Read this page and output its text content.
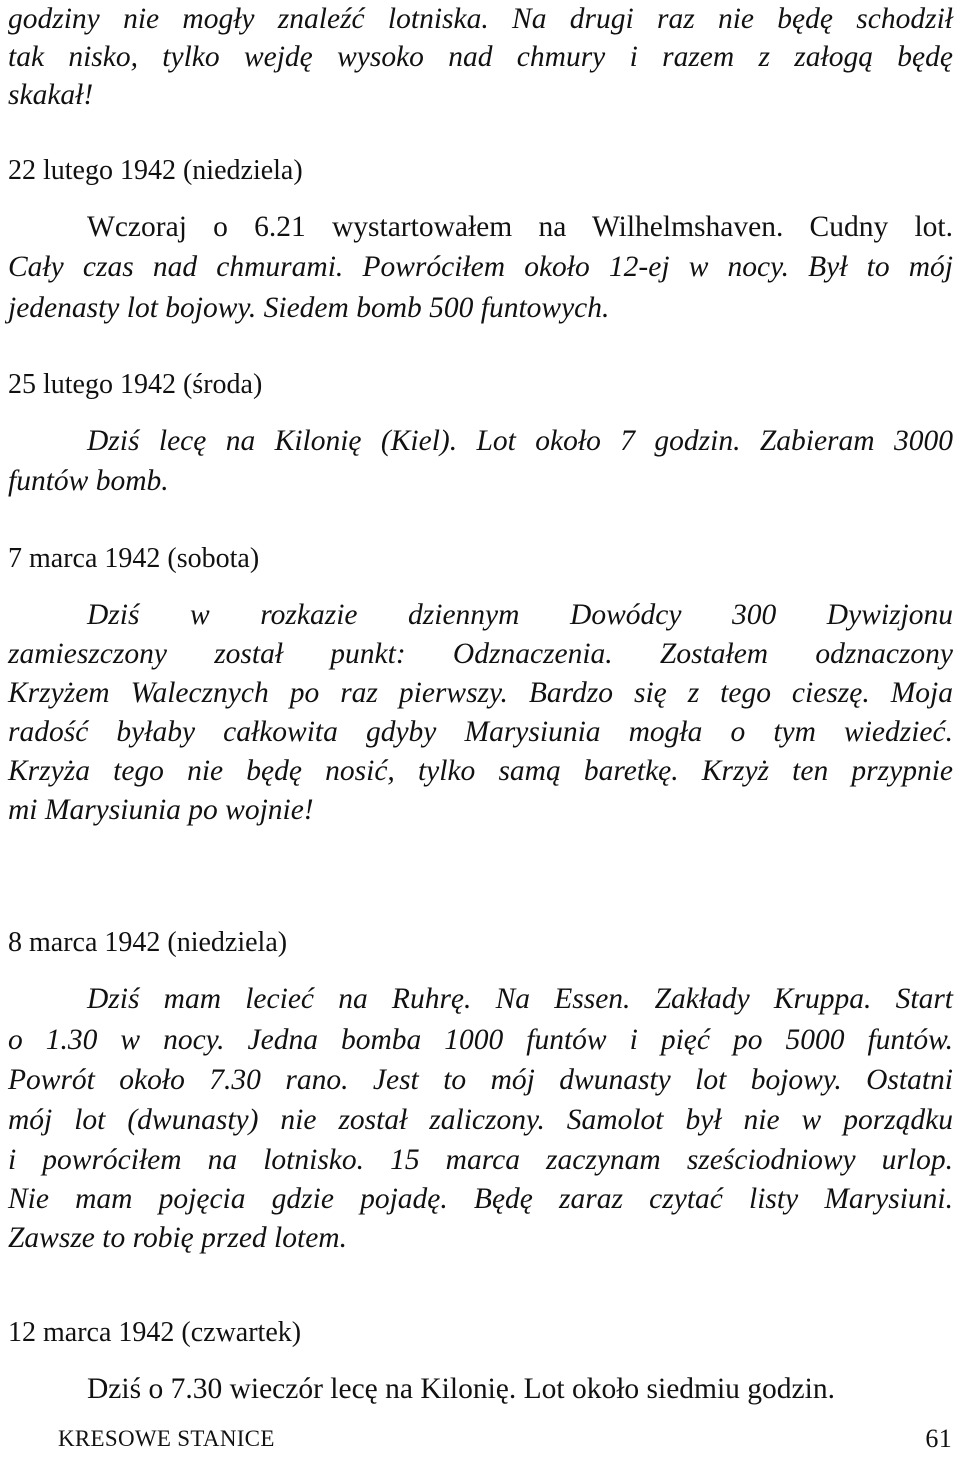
godziny nie mogły znaleźć lotniska. Na drugi raz nie będę schodził
tak nisko, tylko wejdę wysoko nad chmury i razem z załogą będę
skakał!
22 lutego 1942 (niedziela)
Wczoraj o 6.21 wystartowałem na Wilhelmshaven. Cudny lot.
Cały czas nad chmurami. Powróciłem około 12-ej w nocy. Był to mój
jedenasty lot bojowy. Siedem bomb 500 funtowych.
25 lutego 1942 (środa)
Dziś lecę na Kilonię (Kiel). Lot około 7 godzin. Zabieram 3000
funtów bomb.
7 marca 1942 (sobota)
Dziś w rozkazie dziennym Dowódcy 300 Dywizjonu
zamieszczony został punkt: Odznaczenia. Zostałem odznaczony
Krzyżem Walecznych po raz pierwszy. Bardzo się z tego cieszę. Moja
radość byłaby całkowita gdyby Marysiunia mogła o tym wiedzieć.
Krzyża tego nie będę nosić, tylko samą baretkę. Krzyż ten przypnie
mi Marysiunia po wojnie!
8 marca 1942 (niedziela)
Dziś mam lecieć na Ruhrę. Na Essen. Zakłady Kruppa. Start
o 1.30 w nocy. Jedna bomba 1000 funtów i pięć po 5000 funtów.
Powrót około 7.30 rano. Jest to mój dwunasty lot bojowy. Ostatni
mój lot (dwunasty) nie został zaliczony. Samolot był nie w porządku
i powróciłem na lotnisko. 15 marca zaczynam sześciodniowy urlop.
Nie mam pojęcia gdzie pojadę. Będę zaraz czytać listy Marysiuni.
Zawsze to robię przed lotem.
12 marca 1942 (czwartek)
Dziś o 7.30 wieczór lecę na Kilonię. Lot około siedmiu godzin.
KRESOWE STANICE	61
